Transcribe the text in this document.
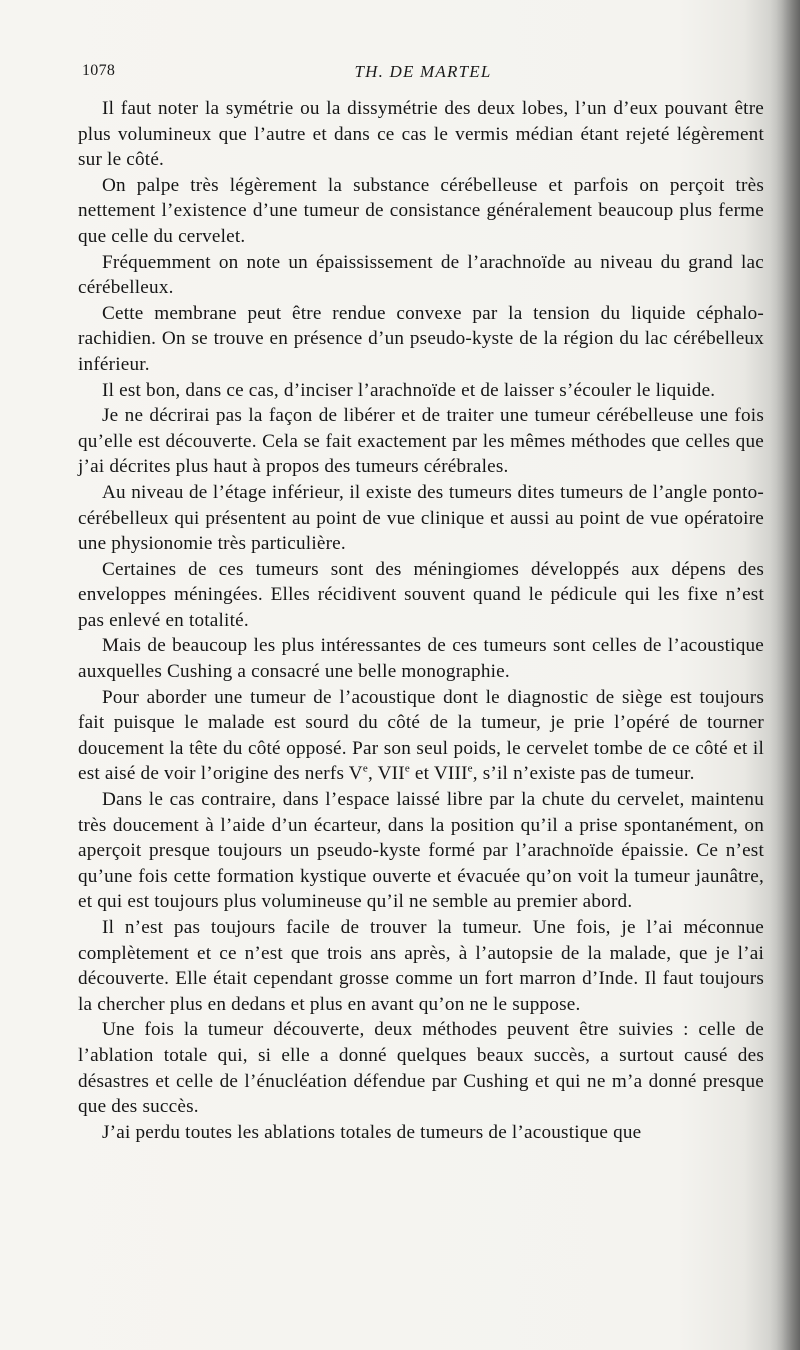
1078	TH. DE MARTEL

Il faut noter la symétrie ou la dissymétrie des deux lobes, l’un d’eux pouvant être plus volumineux que l’autre et dans ce cas le vermis médian étant rejeté légèrement sur le côté.

On palpe très légèrement la substance cérébelleuse et parfois on perçoit très nettement l’existence d’une tumeur de consistance généralement beaucoup plus ferme que celle du cervelet.

Fréquemment on note un épaississement de l’arachnoïde au niveau du grand lac cérébelleux.

Cette membrane peut être rendue convexe par la tension du liquide céphalo-rachidien. On se trouve en présence d’un pseudo-kyste de la région du lac cérébelleux inférieur.

Il est bon, dans ce cas, d’inciser l’arachnoïde et de laisser s’écouler le liquide.

Je ne décrirai pas la façon de libérer et de traiter une tumeur cérébelleuse une fois qu’elle est découverte. Cela se fait exactement par les mêmes méthodes que celles que j’ai décrites plus haut à propos des tumeurs cérébrales.

Au niveau de l’étage inférieur, il existe des tumeurs dites tumeurs de l’angle ponto-cérébelleux qui présentent au point de vue clinique et aussi au point de vue opératoire une physionomie très particulière.

Certaines de ces tumeurs sont des méningiomes développés aux dépens des enveloppes méningées. Elles récidivent souvent quand le pédicule qui les fixe n’est pas enlevé en totalité.

Mais de beaucoup les plus intéressantes de ces tumeurs sont celles de l’acoustique auxquelles Cushing a consacré une belle monographie.

Pour aborder une tumeur de l’acoustique dont le diagnostic de siège est toujours fait puisque le malade est sourd du côté de la tumeur, je prie l’opéré de tourner doucement la tête du côté opposé. Par son seul poids, le cervelet tombe de ce côté et il est aisé de voir l’origine des nerfs Ve, VIIe et VIIIe, s’il n’existe pas de tumeur.

Dans le cas contraire, dans l’espace laissé libre par la chute du cervelet, maintenu très doucement à l’aide d’un écarteur, dans la position qu’il a prise spontanément, on aperçoit presque toujours un pseudo-kyste formé par l’arachnoïde épaissie. Ce n’est qu’une fois cette formation kystique ouverte et évacuée qu’on voit la tumeur jaunâtre, et qui est toujours plus volumineuse qu’il ne semble au premier abord.

Il n’est pas toujours facile de trouver la tumeur. Une fois, je l’ai méconnue complètement et ce n’est que trois ans après, à l’autopsie de la malade, que je l’ai découverte. Elle était cependant grosse comme un fort marron d’Inde. Il faut toujours la chercher plus en dedans et plus en avant qu’on ne le suppose.

Une fois la tumeur découverte, deux méthodes peuvent être suivies : celle de l’ablation totale qui, si elle a donné quelques beaux succès, a surtout causé des désastres et celle de l’énucléation défendue par Cushing et qui ne m’a donné presque que des succès.

J’ai perdu toutes les ablations totales de tumeurs de l’acoustique que
